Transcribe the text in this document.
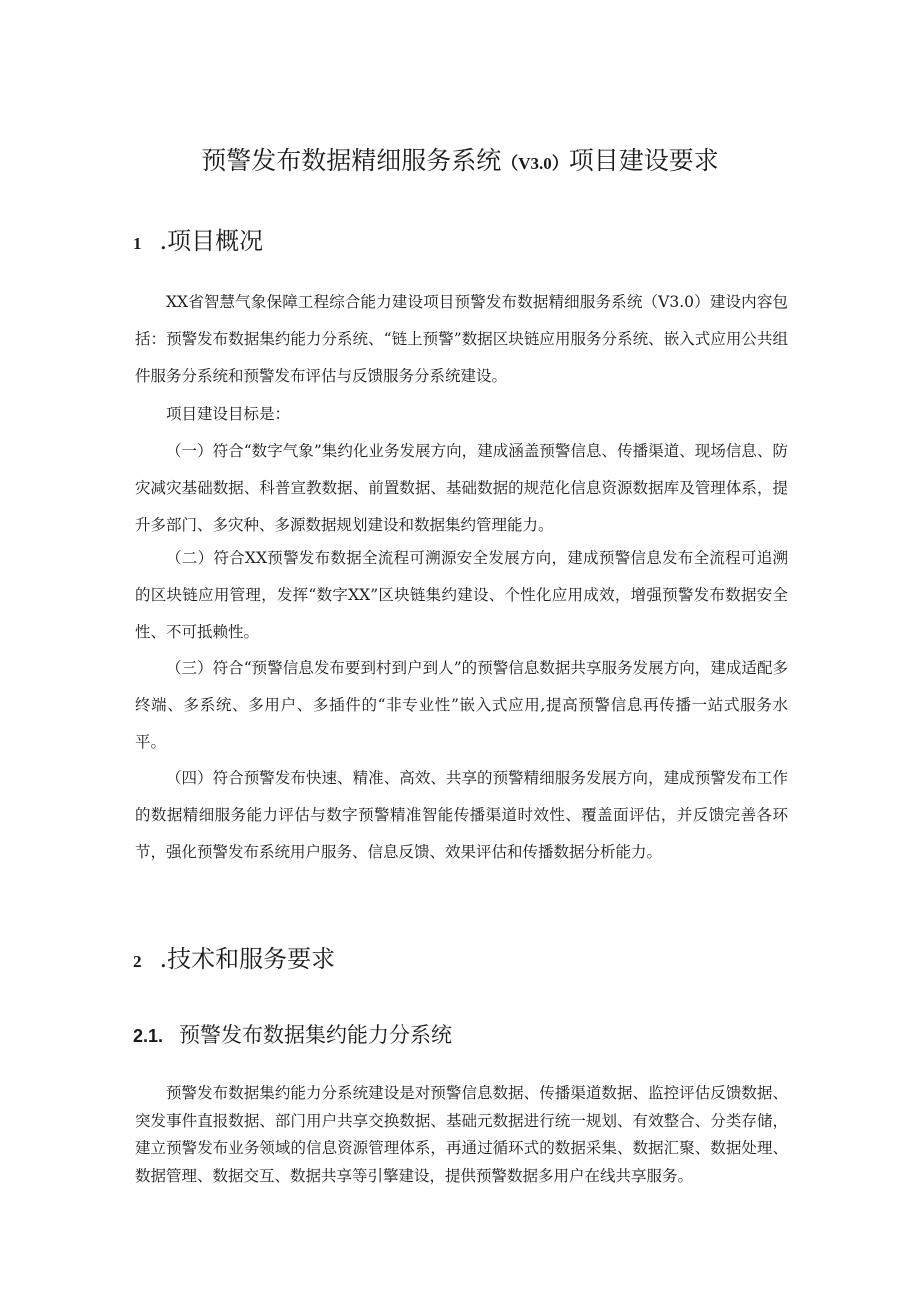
预警发布数据精细服务系统（V3.0）项目建设要求
1 .项目概况

XX省智慧气象保障工程综合能力建设项目预警发布数据精细服务系统（V3.0）建设内容包括：预警发布数据集约能力分系统、“链上预警”数据区块链应用服务分系统、嵌入式应用公共组件服务分系统和预警发布评估与反馈服务分系统建设。

项目建设目标是：

（一）符合“数字气象”集约化业务发展方向，建成涵盖预警信息、传播渠道、现场信息、防灾减灾基础数据、科普宣教数据、前置数据、基础数据的规范化信息资源数据库及管理体系，提升多部门、多灾种、多源数据规划建设和数据集约管理能力。

（二）符合XX预警发布数据全流程可溯源安全发展方向，建成预警信息发布全流程可追溯的区块链应用管理，发挥“数字XX”区块链集约建设、个性化应用成效，增强预警发布数据安全性、不可抵赖性。

（三）符合“预警信息发布要到村到户到人”的预警信息数据共享服务发展方向，建成适配多终端、多系统、多用户、多插件的“非专业性”嵌入式应用,提高预警信息再传播一站式服务水平。

（四）符合预警发布快速、精准、高效、共享的预警精细服务发展方向，建成预警发布工作的数据精细服务能力评估与数字预警精准智能传播渠道时效性、覆盖面评估，并反馈完善各环节，强化预警发布系统用户服务、信息反馈、效果评估和传播数据分析能力。

2 .技术和服务要求
2.1. 预警发布数据集约能力分系统

预警发布数据集约能力分系统建设是对预警信息数据、传播渠道数据、监控评估反馈数据、突发事件直报数据、部门用户共享交换数据、基础元数据进行统一规划、有效整合、分类存储，建立预警发布业务领域的信息资源管理体系，再通过循环式的数据采集、数据汇聚、数据处理、数据管理、数据交互、数据共享等引擎建设，提供预警数据多用户在线共享服务。
